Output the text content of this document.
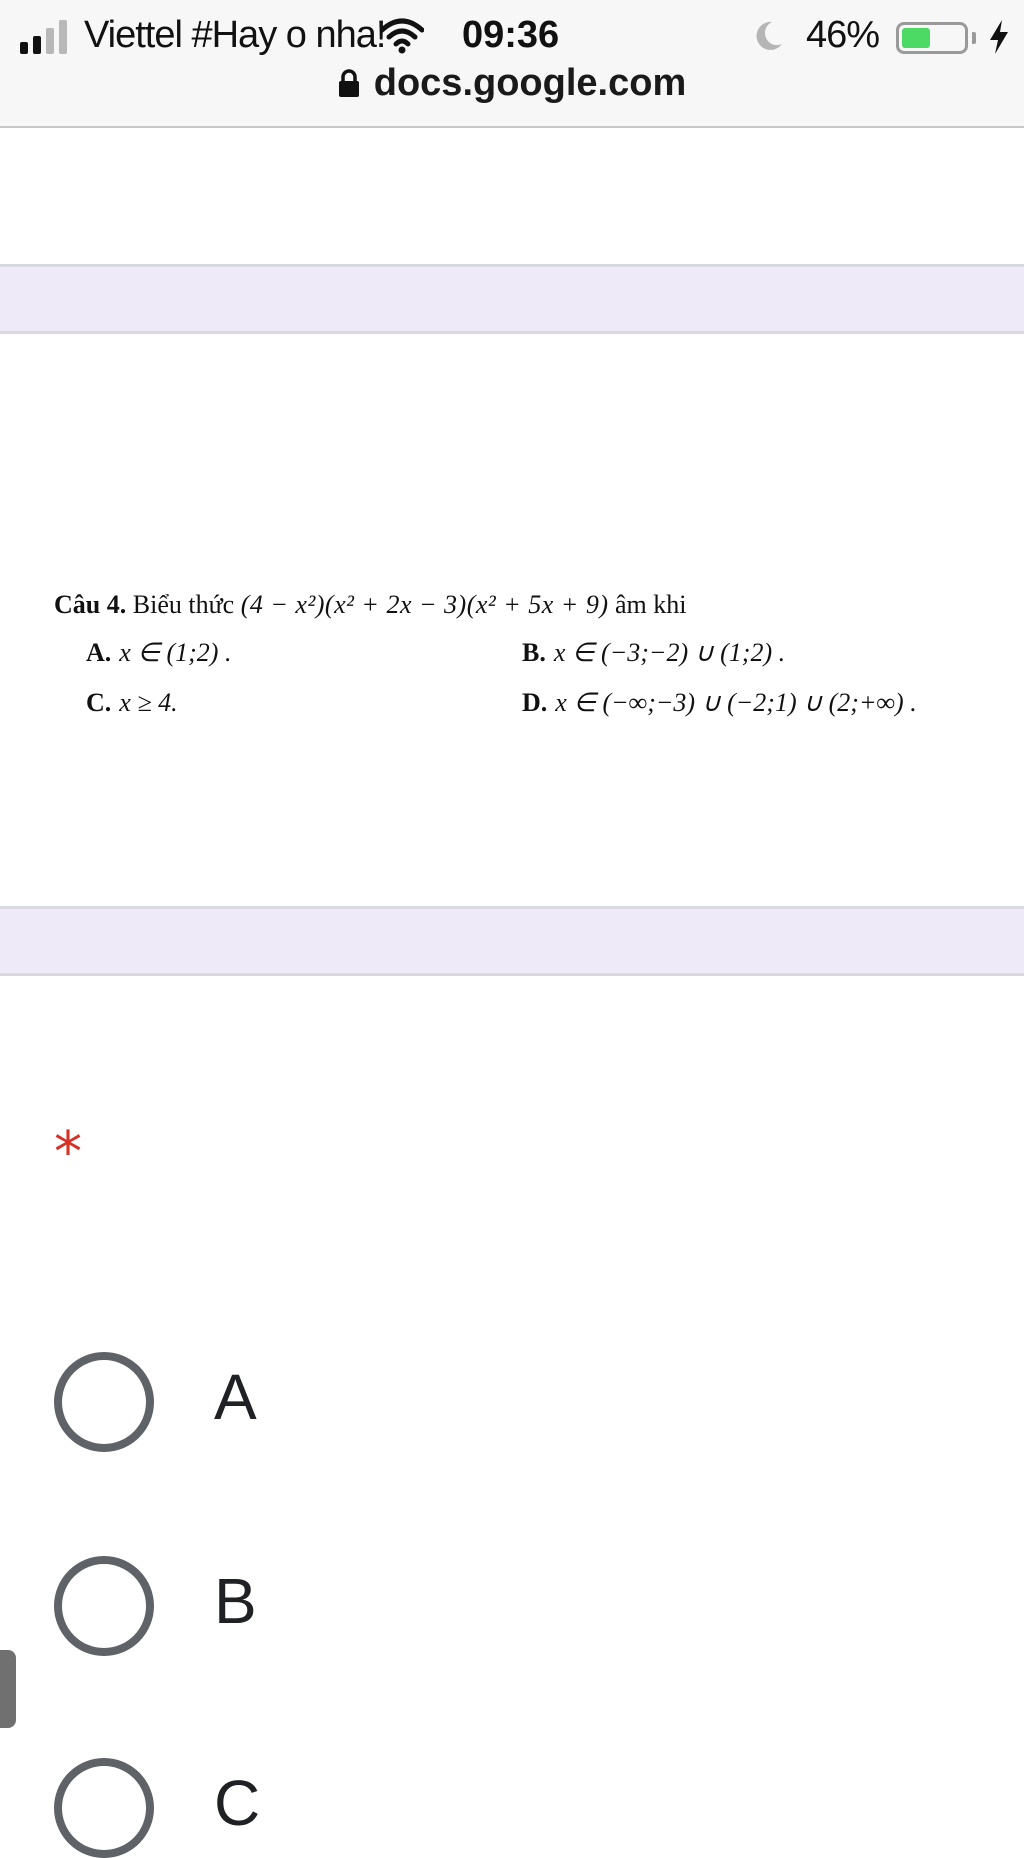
Viettel #Hay o nha! 09:36	46%
docs.google.com
Câu 4. Biểu thức (4 − x²)(x² + 2x − 3)(x² + 5x + 9) âm khi
A. x ∈ (1;2) .	B. x ∈ (−3;−2) ∪ (1;2) .
C. x ≥ 4.	D. x ∈ (−∞;−3) ∪ (−2;1) ∪ (2;+∞) .
*
A
B
C
